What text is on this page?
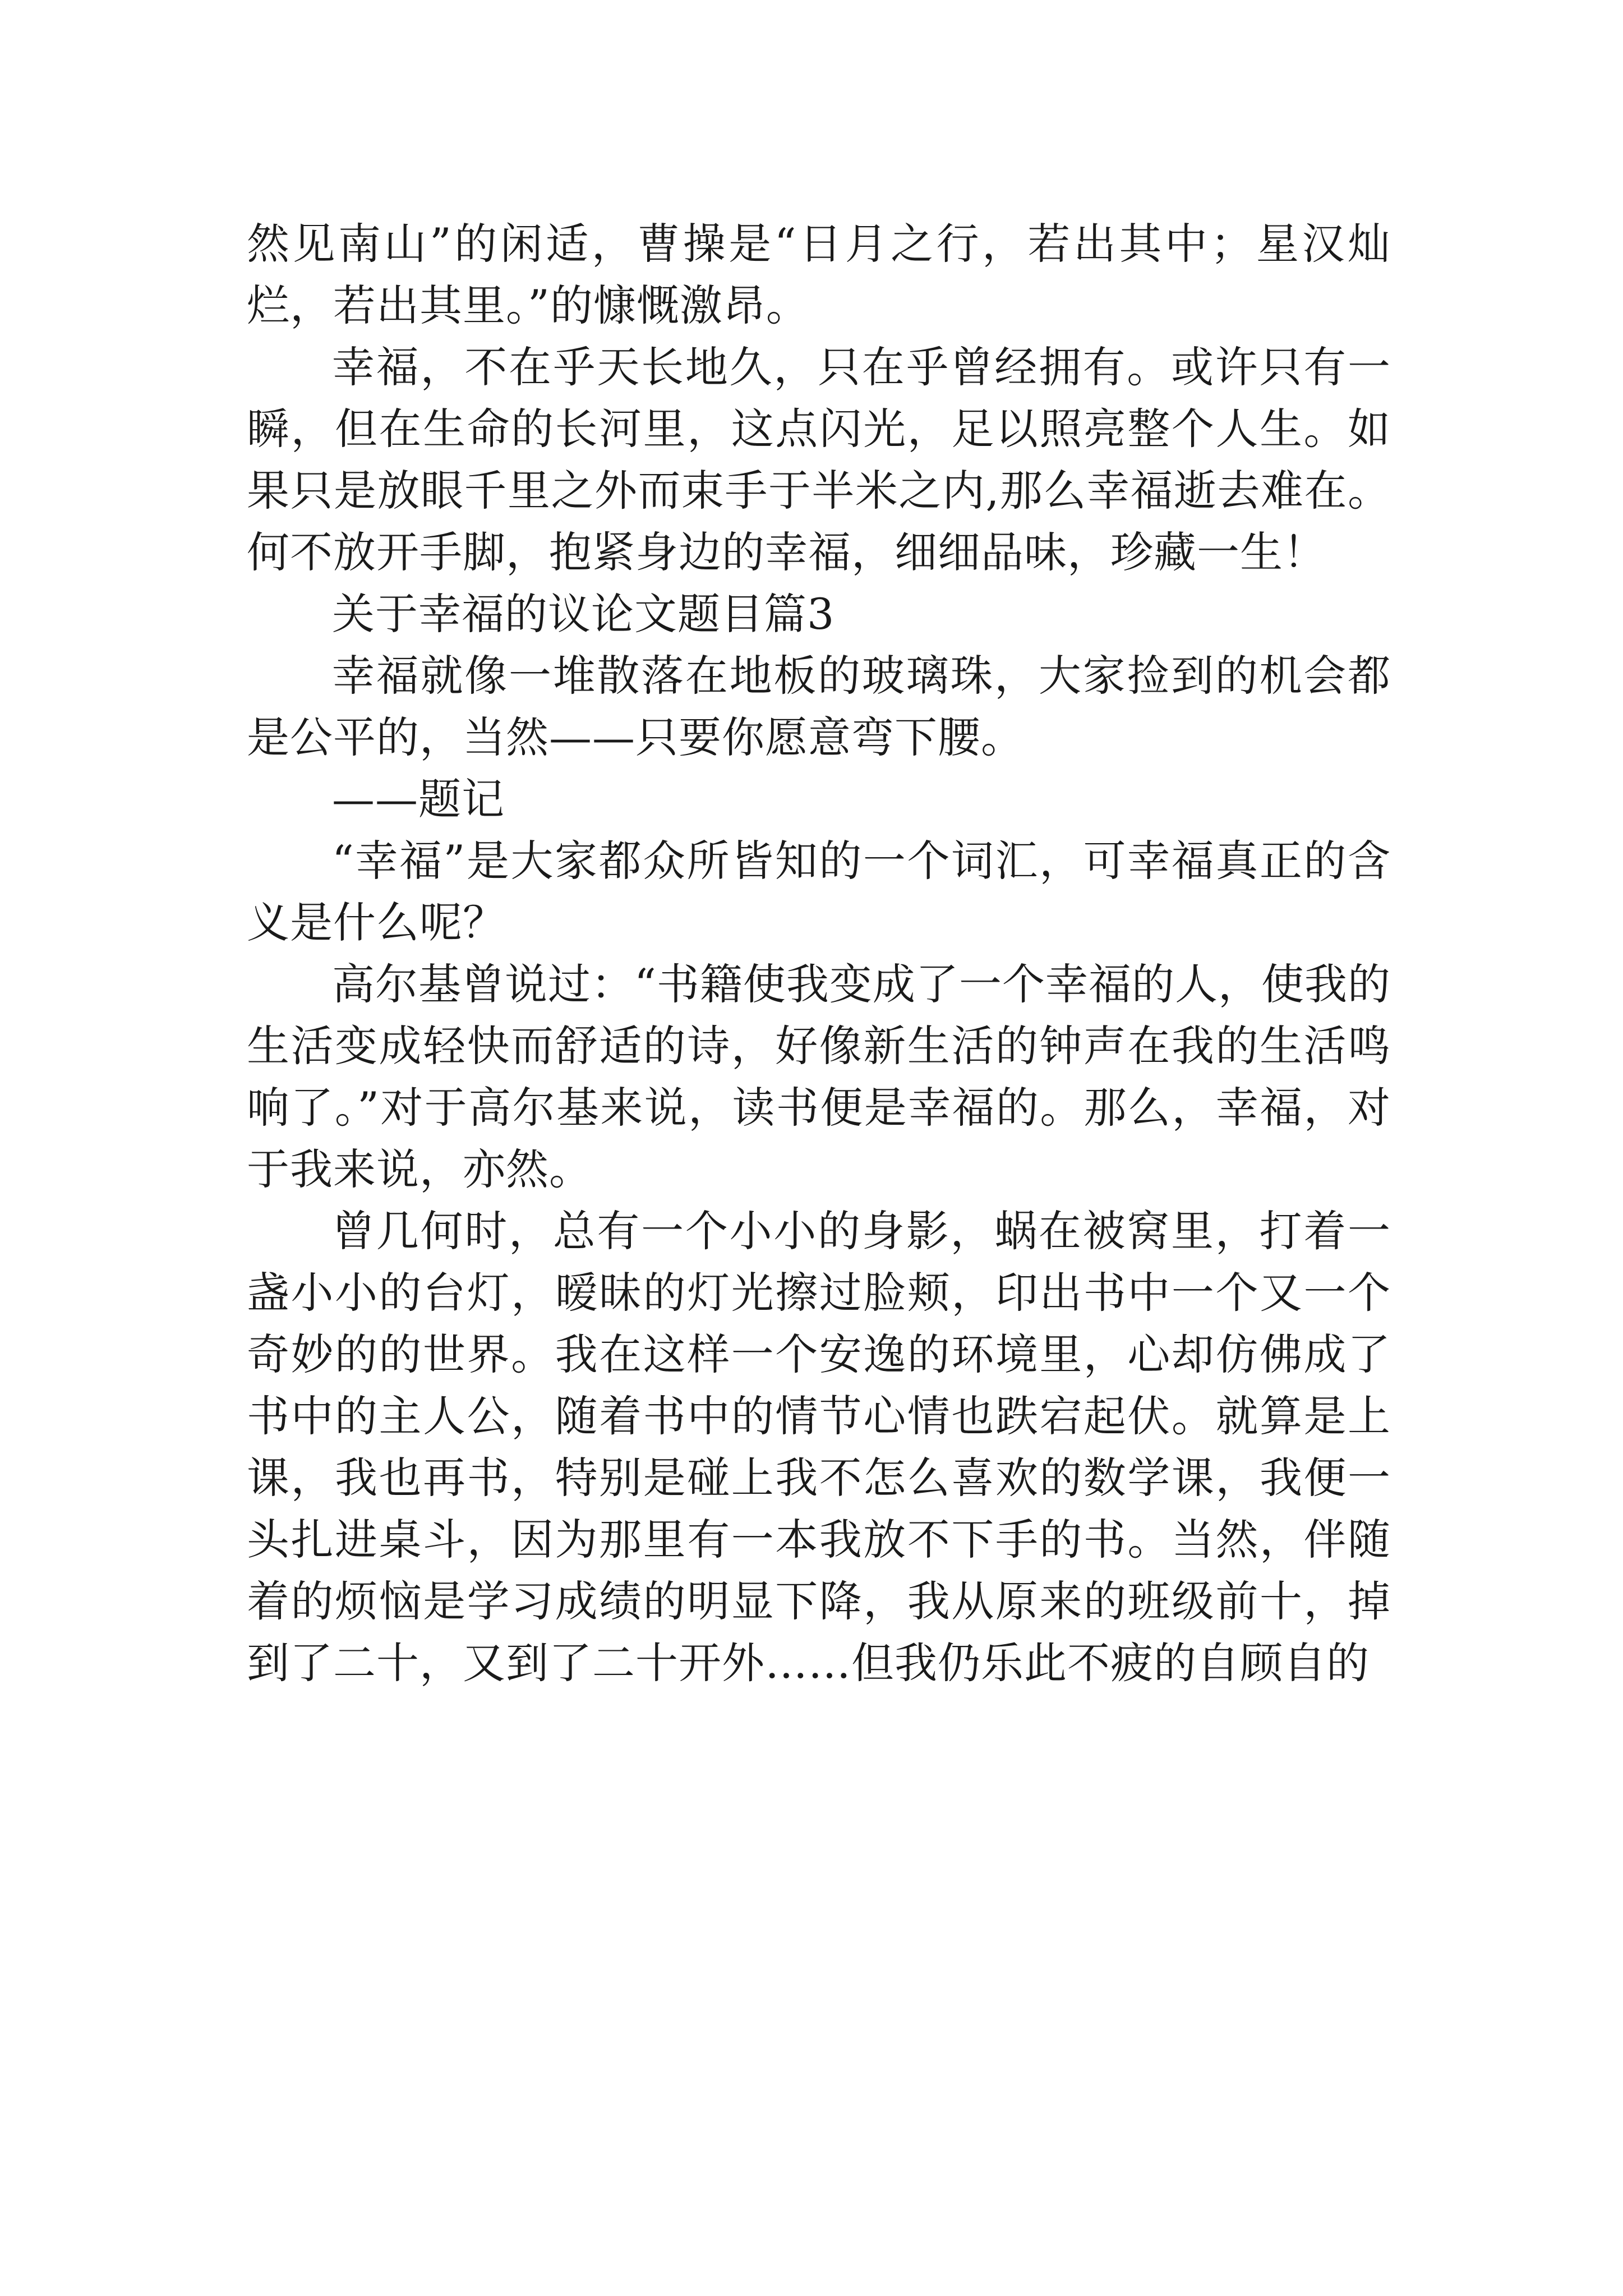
然见南山”的闲适，曹操是“日月之行，若出其中；星汉灿烂，若出其里。”的慷慨激昂。

幸福，不在乎天长地久，只在乎曾经拥有。或许只有一瞬，但在生命的长河里，这点闪光，足以照亮整个人生。如果只是放眼千里之外而束手于半米之内,那么幸福逝去难在。何不放开手脚，抱紧身边的幸福，细细品味，珍藏一生！

关于幸福的议论文题目篇3

幸福就像一堆散落在地板的玻璃珠，大家捡到的机会都是公平的，当然——只要你愿意弯下腰。

——题记

“幸福”是大家都众所皆知的一个词汇，可幸福真正的含义是什么呢？

高尔基曾说过：“书籍使我变成了一个幸福的人，使我的生活变成轻快而舒适的诗，好像新生活的钟声在我的生活鸣响了。”对于高尔基来说，读书便是幸福的。那么，幸福，对于我来说，亦然。

曾几何时，总有一个小小的身影，蜗在被窝里，打着一盏小小的台灯，暧昧的灯光擦过脸颊，印出书中一个又一个奇妙的的世界。我在这样一个安逸的环境里，心却仿佛成了书中的主人公，随着书中的情节心情也跌宕起伏。就算是上课，我也再书，特别是碰上我不怎么喜欢的数学课，我便一头扎进桌斗，因为那里有一本我放不下手的书。当然，伴随着的烦恼是学习成绩的明显下降，我从原来的班级前十，掉到了二十，又到了二十开外……但我仍乐此不疲的自顾自的
